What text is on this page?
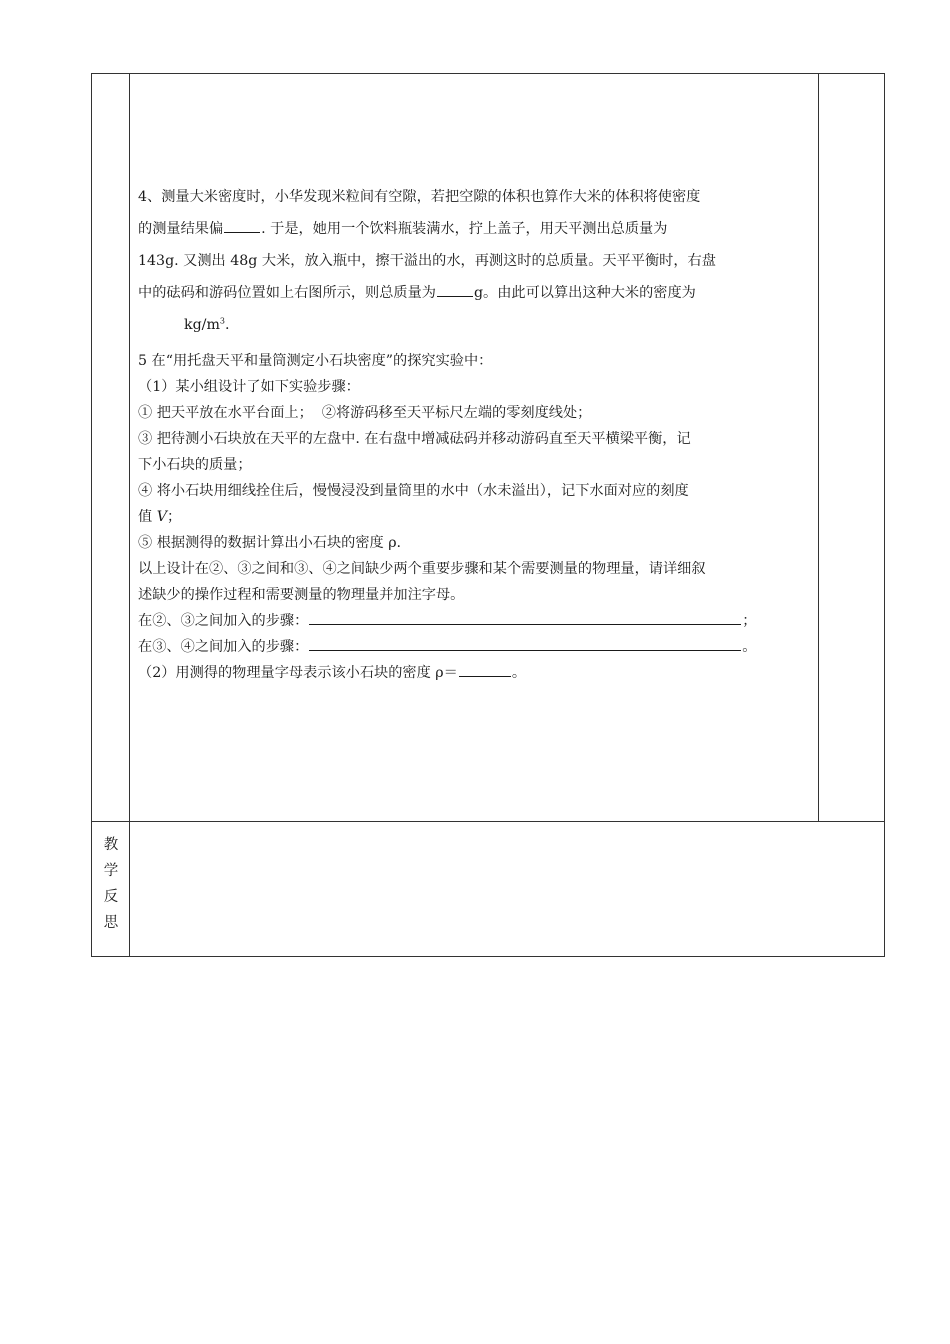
4、测量大米密度时，小华发现米粒间有空隙，若把空隙的体积也算作大米的体积将使密度

的测量结果偏	. 于是，她用一个饮料瓶装满水，拧上盖子，用天平测出总质量为

143g. 又测出 48g 大米，放入瓶中，擦干溢出的水，再测这时的总质量。天平平衡时，右盘

中的砝码和游码位置如上右图所示，则总质量为	g。由此可以算出这种大米的密度为

$kg/m^3$.

5 在“用托盘天平和量筒测定小石块密度”的探究实验中：

（1）某小组设计了如下实验步骤：

① 把天平放在水平台面上；  ②将游码移至天平标尺左端的零刻度线处；

③ 把待测小石块放在天平的左盘中. 在右盘中增减砝码并移动游码直至天平横梁平衡，记

下小石块的质量；

④ 将小石块用细线拴住后，慢慢浸没到量筒里的水中（水未溢出），记下水面对应的刻度

值 V；

⑤ 根据测得的数据计算出小石块的密度 ρ.

以上设计在②、③之间和③、④之间缺少两个重要步骤和某个需要测量的物理量，请详细叙

述缺少的操作过程和需要测量的物理量并加注字母。

在②、③之间加入的步骤：	；

在③、④之间加入的步骤：	。

（2）用测得的物理量字母表示该小石块的密度 ρ＝	。

教
学
反
思
